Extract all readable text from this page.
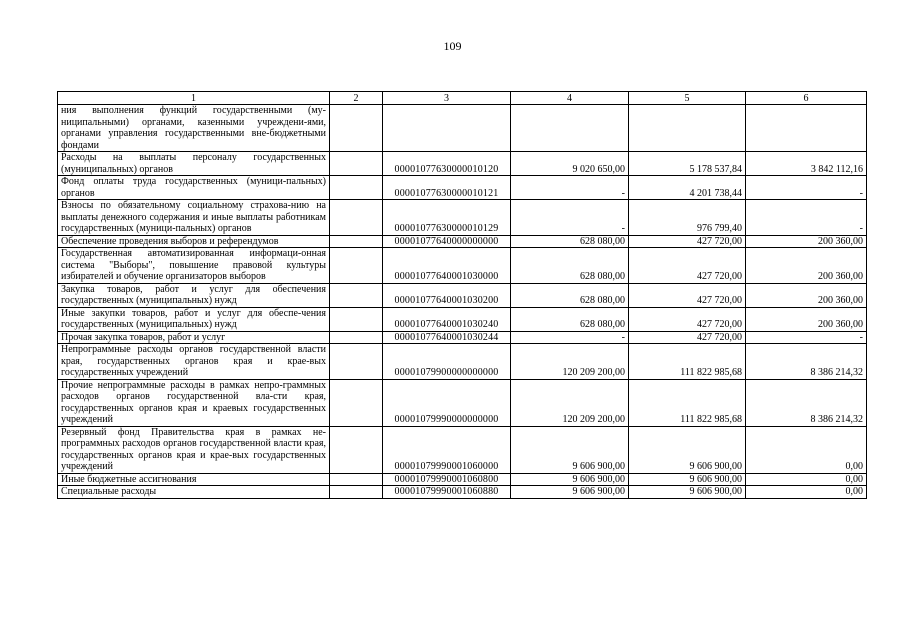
109
1	2	3	4	5	6
ния выполнения функций государственными (му-ниципальными) органами, казенными учреждени-ями, органами управления государственными вне-бюджетными фондами					
Расходы на выплаты персоналу государственных (муниципальных) органов		00001077630000010120	9 020 650,00	5 178 537,84	3 842 112,16
Фонд оплаты труда государственных (муници-пальных) органов		00001077630000010121	-	4 201 738,44	-
Взносы по обязательному социальному страхова-нию на выплаты денежного содержания и иные выплаты работникам государственных (муници-пальных) органов		00001077630000010129	-	976 799,40	-
Обеспечение проведения выборов и референдумов		00001077640000000000	628 080,00	427 720,00	200 360,00
Государственная автоматизированная информаци-онная система "Выборы", повышение правовой культуры избирателей и обучение организаторов выборов		00001077640001030000	628 080,00	427 720,00	200 360,00
Закупка товаров, работ и услуг для обеспечения государственных (муниципальных) нужд		00001077640001030200	628 080,00	427 720,00	200 360,00
Иные закупки товаров, работ и услуг для обеспе-чения государственных (муниципальных) нужд		00001077640001030240	628 080,00	427 720,00	200 360,00
Прочая закупка товаров, работ и услуг		00001077640001030244	-	427 720,00	-
Непрограммные расходы органов государственной власти края, государственных органов края и крае-вых государственных учреждений		00001079900000000000	120 209 200,00	111 822 985,68	8 386 214,32
Прочие непрограммные расходы в рамках непро-граммных расходов органов государственной вла-сти края, государственных органов края и краевых государственных учреждений		00001079990000000000	120 209 200,00	111 822 985,68	8 386 214,32
Резервный фонд Правительства края в рамках не-программных расходов органов государственной власти края, государственных органов края и крае-вых государственных учреждений		00001079990001060000	9 606 900,00	9 606 900,00	0,00
Иные бюджетные ассигнования		00001079990001060800	9 606 900,00	9 606 900,00	0,00
Специальные расходы		00001079990001060880	9 606 900,00	9 606 900,00	0,00
